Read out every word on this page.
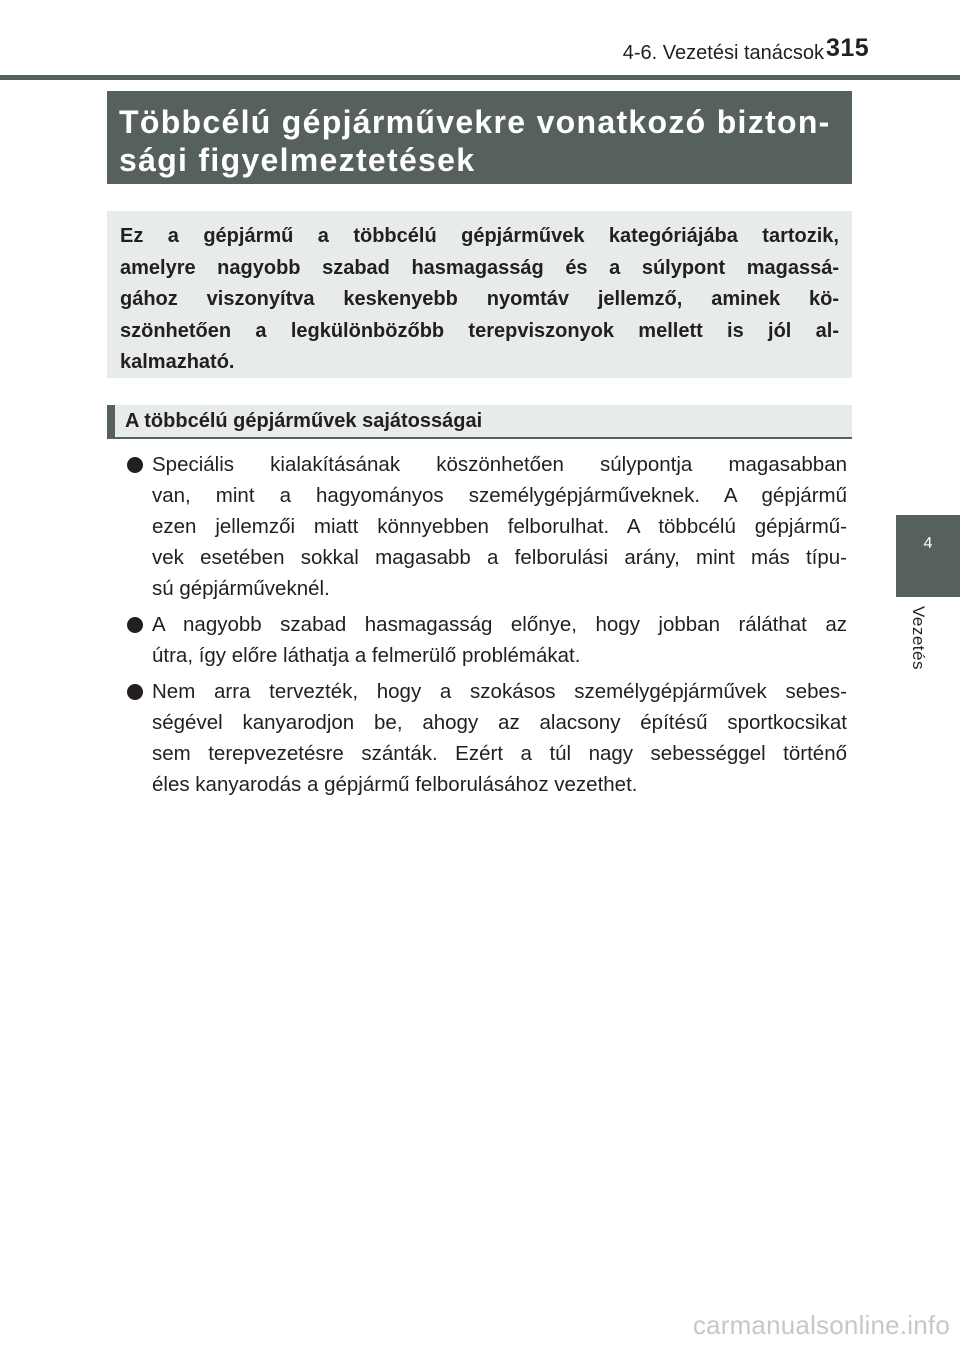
4-6. Vezetési tanácsok 315
4
Vezetés
Többcélú gépjárművekre vonatkozó bizton-
sági figyelmeztetések
Ez a gépjármű a többcélú gépjárművek kategóriájába tartozik,
amelyre nagyobb szabad hasmagasság és a súlypont magassá-
gához viszonyítva keskenyebb nyomtáv jellemző, aminek kö-
szönhetően a legkülönbözőbb terepviszonyok mellett is jól al-
kalmazható.
A többcélú gépjárművek sajátosságai
Speciális kialakításának köszönhetően súlypontja magasabban
van, mint a hagyományos személygépjárműveknek. A gépjármű
ezen jellemzői miatt könnyebben felborulhat. A többcélú gépjármű-
vek esetében sokkal magasabb a felborulási arány, mint más típu-
sú gépjárműveknél.
A nagyobb szabad hasmagasság előnye, hogy jobban ráláthat az
útra, így előre láthatja a felmerülő problémákat.
Nem arra tervezték, hogy a szokásos személygépjárművek sebes-
ségével kanyarodjon be, ahogy az alacsony építésű sportkocsikat
sem terepvezetésre szánták. Ezért a túl nagy sebességgel történő
éles kanyarodás a gépjármű felborulásához vezethet.
carmanualsonline.info
